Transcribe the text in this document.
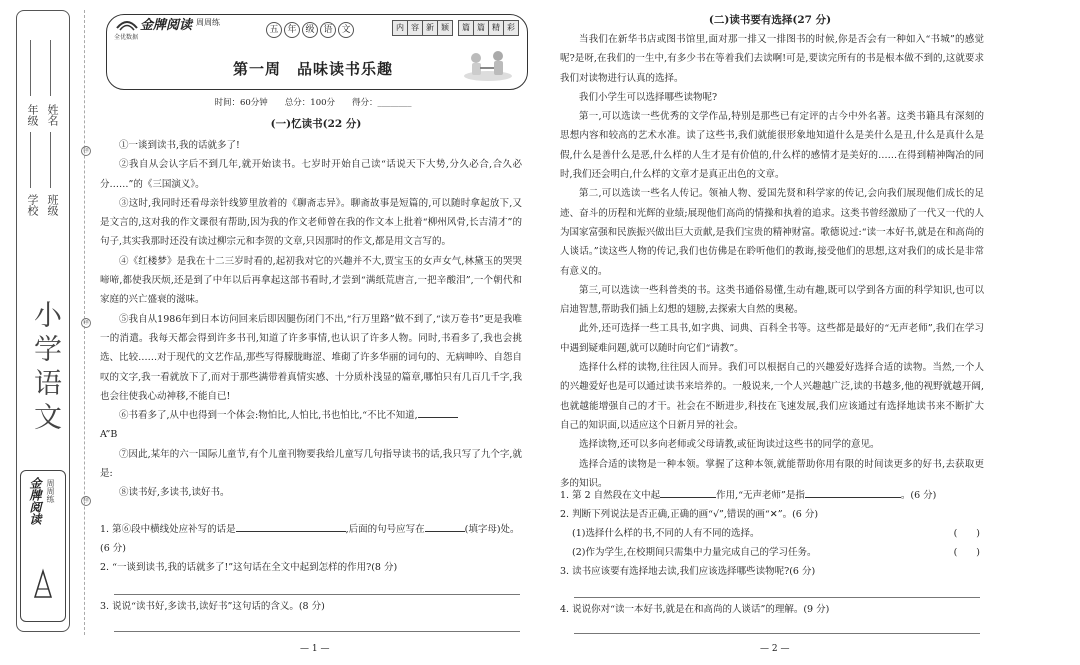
年级 姓名
学校 班级
小学语文
㊞
㊞
㊞
金牌阅读 周周练
全优数据
金牌阅读 周周练
五 年 级 语 文	内 容 新 颖	篇 篇 精 彩
第一周　品味读书乐趣
时间：60分钟　　总分：100分　　得分：________
(一)忆读书(22 分)

①一谈到读书,我的话就多了!

②我自从会认字后不到几年,就开始读书。七岁时开始自己读“话说天下大势,分久必合,合久必分……”的《三国演义》。

③这时,我同时还看母亲针线箩里放着的《聊斋志异》。聊斋故事是短篇的,可以随时拿起放下,又是文言的,这对我的作文课很有帮助,因为我的作文老师曾在我的作文本上批着“柳州风骨,长吉清才”的句子,其实我那时还没有读过柳宗元和李贺的文章,只因那时的作文,都是用文言写的。

④《红楼梦》是我在十二三岁时看的,起初我对它的兴趣并不大,贾宝玉的女声女气,林黛玉的哭哭啼啼,都使我厌烦,还是到了中年以后再拿起这部书看时,才尝到“满纸荒唐言,一把辛酸泪”,一个朝代和家庭的兴亡盛衰的滋味。

⑤我自从1986年到日本访问回来后即因腿伤闭门不出,“行万里路”做不到了,“读万卷书”更是我唯一的消遣。我每天都会得到许多书刊,知道了许多事情,也认识了许多人物。同时,书看多了,我也会挑选、比较……对于现代的文艺作品,那些写得朦胧晦涩、堆砌了许多华丽的词句的、无病呻吟、自怨自叹的文字,我一看就放下了,而对于那些满带着真情实感、十分质朴浅显的篇章,哪怕只有几百几千字,我也会往使我心动神移,不能自已!

⑥书看多了,从中也得到一个体会:物怕比,人怕比,书也怕比,“不比不知道,

A”B

⑦因此,某年的六一国际儿童节,有个儿童刊物要我给儿童写几句指导读书的话,我只写了九个字,就是:

⑧读书好,多读书,读好书。

1. 第⑥段中横线处应补写的话是	,后面的句号应写在	(填字母)处。(6 分)

2. “一谈到读书,我的话就多了!”这句话在全文中起到怎样的作用?(8 分)

3. 说说“读书好,多读书,读好书”这句话的含义。(8 分)
— 1 —
(二)读书要有选择(27 分)

当我们在新华书店或图书馆里,面对那一排又一排图书的时候,你是否会有一种如入“书城”的感觉呢?是呀,在我们的一生中,有多少书在等着我们去读啊!可是,要读完所有的书是根本做不到的,这就要求我们对读物进行认真的选择。

我们小学生可以选择哪些读物呢?

第一,可以选读一些优秀的文学作品,特别是那些已有定评的古今中外名著。这类书籍具有深刻的思想内容和较高的艺术水准。读了这些书,我们就能很形象地知道什么是美什么是丑,什么是真什么是假,什么是善什么是恶,什么样的人生才是有价值的,什么样的感情才是美好的……在得到精神陶冶的同时,我们还会明白,什么样的文章才是真正出色的文章。

第二,可以选读一些名人传记。领袖人物、爱国先贤和科学家的传记,会向我们展现他们成长的足迹、奋斗的历程和光辉的业绩;展现他们高尚的情操和执着的追求。这类书曾经激励了一代又一代的人为国家富强和民族振兴做出巨大贡献,是我们宝贵的精神财富。歌德说过:“读一本好书,就是在和高尚的人谈话。”读这些人物的传记,我们也仿佛是在聆听他们的教诲,接受他们的思想,这对我们的成长是非常有意义的。

第三,可以选读一些科普类的书。这类书通俗易懂,生动有趣,既可以学到各方面的科学知识,也可以启迪智慧,帮助我们插上幻想的翅膀,去探索大自然的奥秘。

此外,还可选择一些工具书,如字典、词典、百科全书等。这些都是最好的“无声老师”,我们在学习中遇到疑难问题,就可以随时向它们“请教”。

选择什么样的读物,往往因人而异。我们可以根据自己的兴趣爱好选择合适的读物。当然,一个人的兴趣爱好也是可以通过读书来培养的。一般说来,一个人兴趣越广泛,读的书越多,他的视野就越开阔,也就越能增强自己的才干。社会在不断进步,科技在飞速发展,我们应该通过有选择地读书来不断扩大自己的知识面,以适应这个日新月异的社会。

选择读物,还可以多向老师或父母请教,或征询读过这些书的同学的意见。

选择合适的读物是一种本领。掌握了这种本领,就能帮助你用有限的时间读更多的好书,去获取更多的知识。

1. 第 2 自然段在文中起	作用,“无声老师”是指	。(6 分)

2. 判断下列说法是否正确,正确的画“√”,错误的画“✕”。(6 分)

(1)选择什么样的书,不同的人有不同的选择。	(　　)

(2)作为学生,在校期间只需集中力量完成自己的学习任务。	(　　)

3. 读书应该要有选择地去读,我们应该选择哪些读物呢?(6 分)

4. 说说你对“读一本好书,就是在和高尚的人谈话”的理解。(9 分)
— 2 —
